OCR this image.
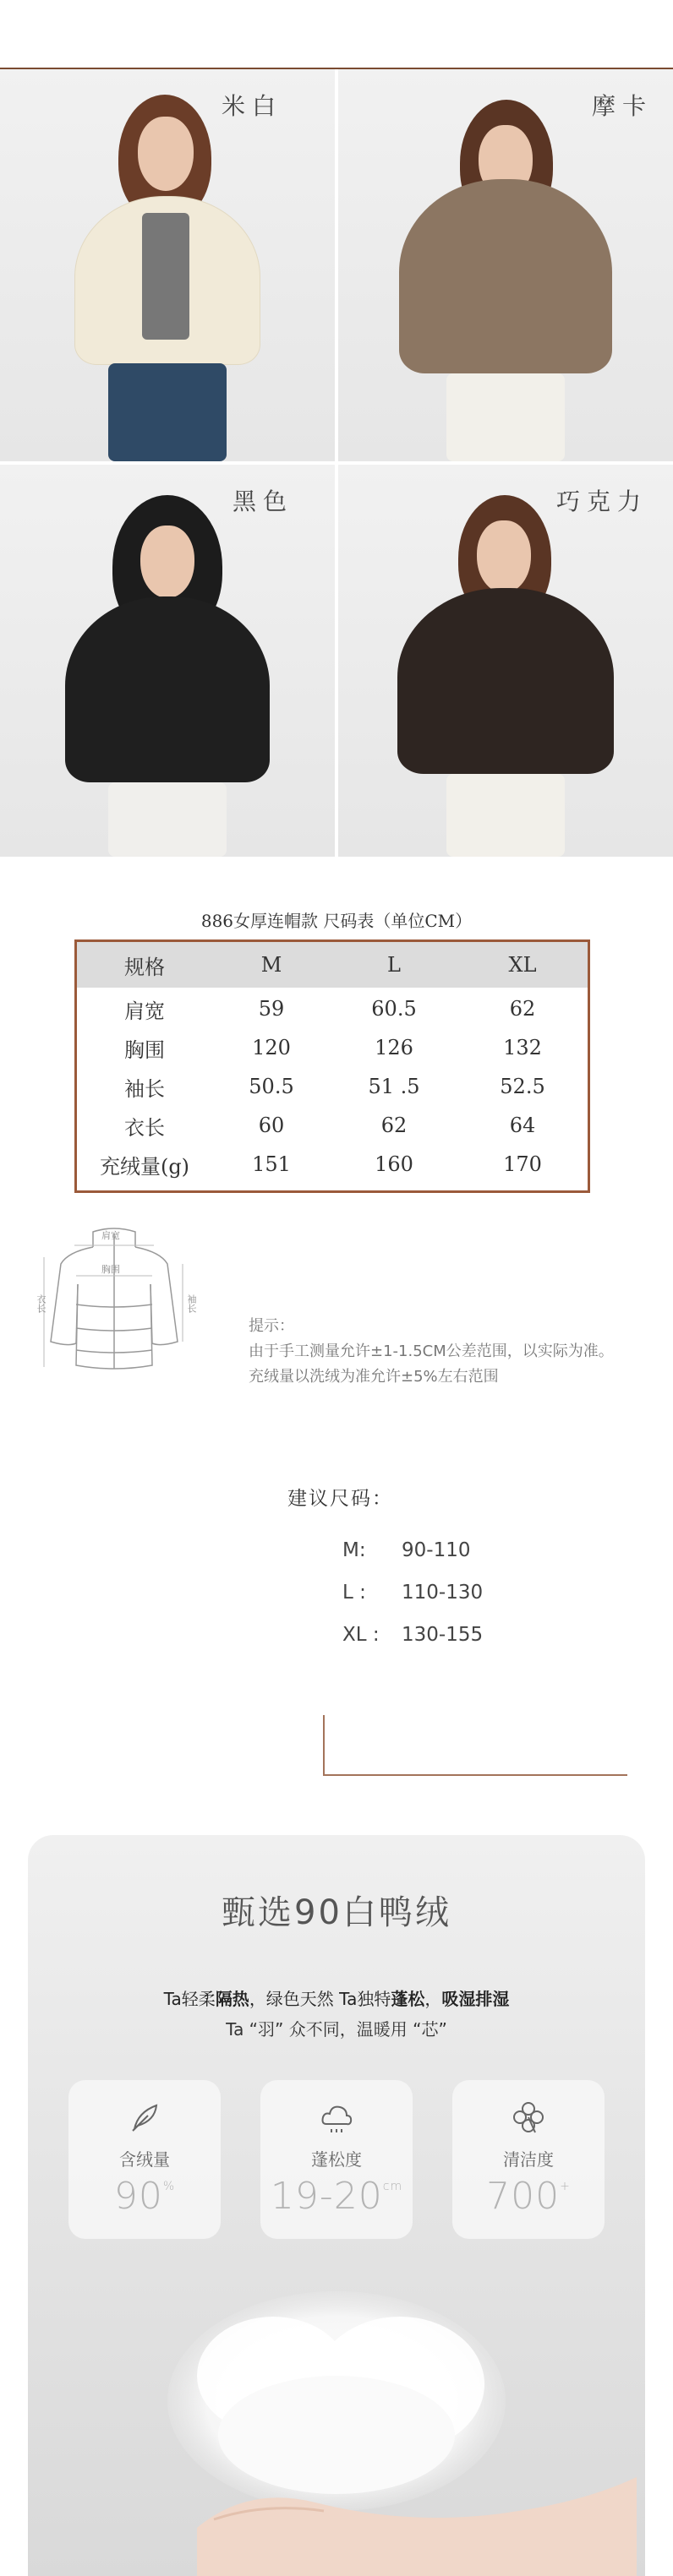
米白	摩卡
黑色	巧克力
886女厚连帽款 尺码表（单位CM）
规格	M	L	XL
肩宽	59	60.5	62
胸围	120	126	132
袖长	50.5	51 .5	52.5
衣长	60	62	64
充绒量(g)	151	160	170
肩宽
胸围
衣长	袖长
提示：
由于手工测量允许±1-1.5CM公差范围，以实际为准。
充绒量以洗绒为准允许±5%左右范围
建议尺码：
M: 90-110
L : 110-130
XL : 130-155
甄选90白鸭绒
Ta轻柔隔热，绿色天然 Ta独特蓬松，吸湿排湿
Ta “羽” 众不同，温暖用 “芯”
含绒量
90%
蓬松度
$19-20^{cm}$
清洁度
700+
